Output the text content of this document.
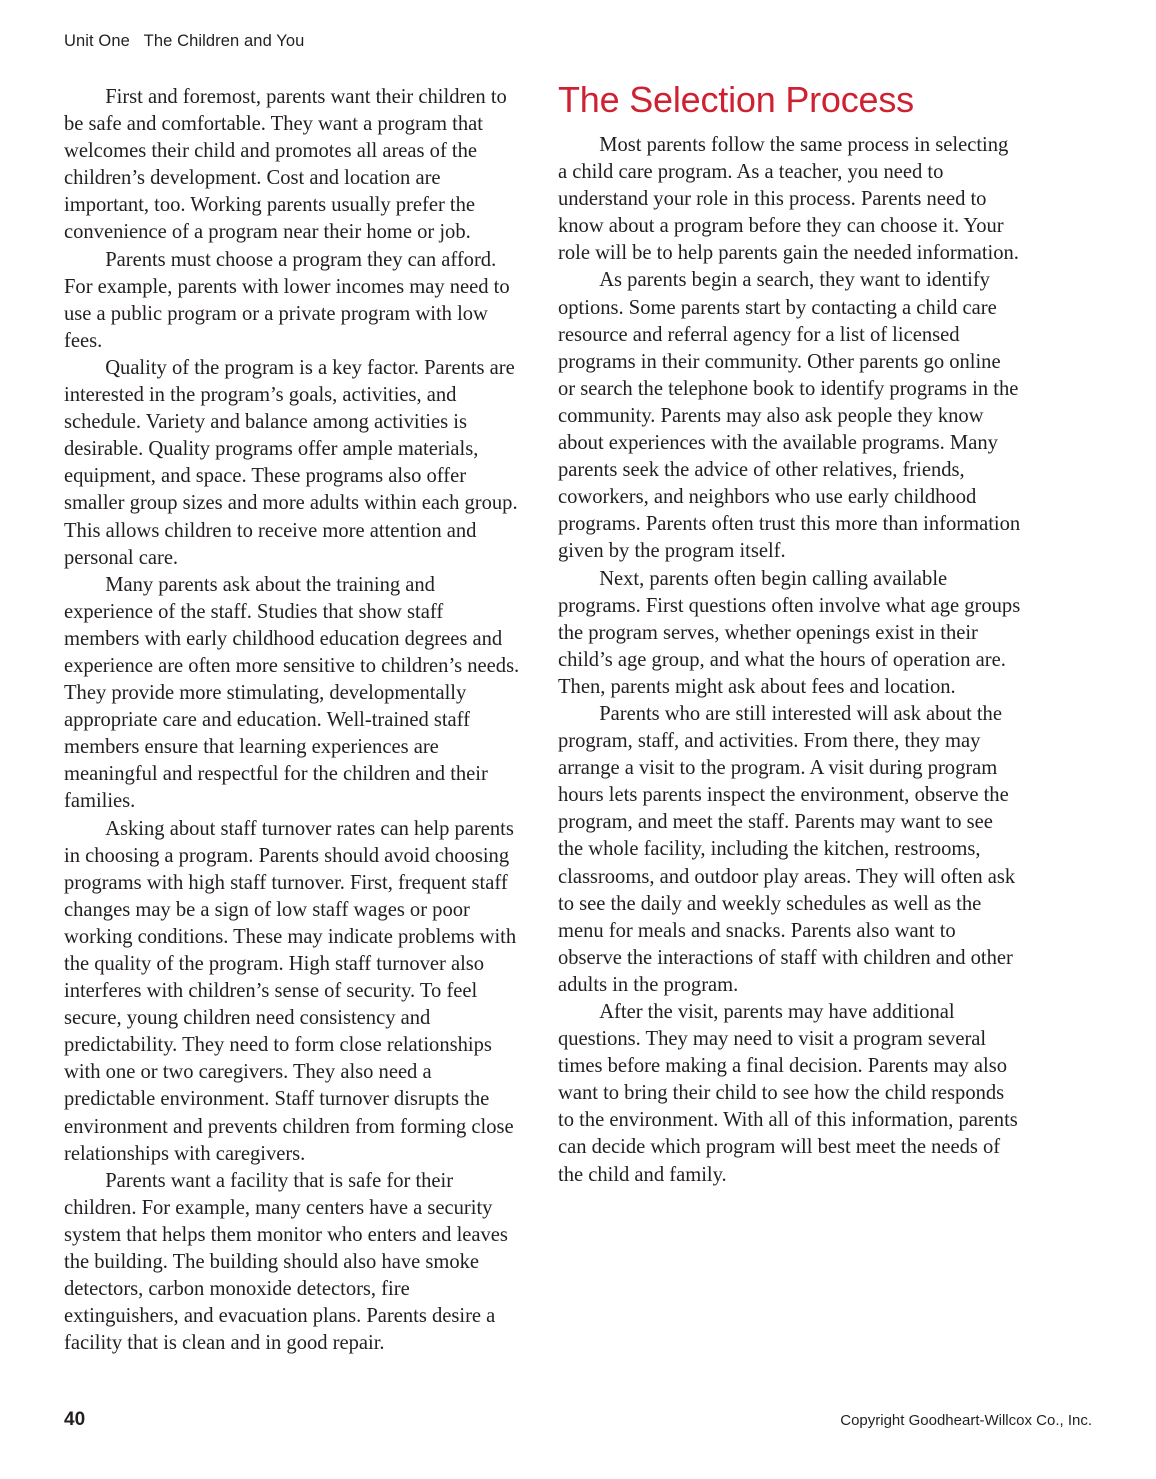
Unit One   The Children and You

First and foremost, parents want their children to be safe and comfortable. They want a program that welcomes their child and promotes all areas of the children’s development. Cost and location are important, too. Working parents usually prefer the convenience of a program near their home or job.

Parents must choose a program they can afford. For example, parents with lower incomes may need to use a public program or a private program with low fees.

Quality of the program is a key factor. Parents are interested in the program’s goals, activities, and schedule. Variety and balance among activities is desirable. Quality programs offer ample materials, equipment, and space. These programs also offer smaller group sizes and more adults within each group. This allows children to receive more attention and personal care.

Many parents ask about the training and experience of the staff. Studies that show staff members with early childhood education degrees and experience are often more sensitive to children’s needs. They provide more stimulating, developmentally appropriate care and education. Well-trained staff members ensure that learning experiences are meaningful and respectful for the children and their families.

Asking about staff turnover rates can help parents in choosing a program. Parents should avoid choosing programs with high staff turnover. First, frequent staff changes may be a sign of low staff wages or poor working conditions. These may indicate problems with the quality of the program. High staff turnover also interferes with children’s sense of security. To feel secure, young children need consistency and predictability. They need to form close relationships with one or two caregivers. They also need a predictable environment. Staff turnover disrupts the environment and prevents children from forming close relationships with caregivers.

Parents want a facility that is safe for their children. For example, many centers have a security system that helps them monitor who enters and leaves the building. The building should also have smoke detectors, carbon monoxide detectors, fire extinguishers, and evacuation plans. Parents desire a facility that is clean and in good repair.

The Selection Process

Most parents follow the same process in selecting a child care program. As a teacher, you need to understand your role in this process. Parents need to know about a program before they can choose it. Your role will be to help parents gain the needed information.

As parents begin a search, they want to identify options. Some parents start by contacting a child care resource and referral agency for a list of licensed programs in their community. Other parents go online or search the telephone book to identify programs in the community. Parents may also ask people they know about experiences with the available programs. Many parents seek the advice of other relatives, friends, coworkers, and neighbors who use early childhood programs. Parents often trust this more than information given by the program itself.

Next, parents often begin calling available programs. First questions often involve what age groups the program serves, whether openings exist in their child’s age group, and what the hours of operation are. Then, parents might ask about fees and location.

Parents who are still interested will ask about the program, staff, and activities. From there, they may arrange a visit to the program. A visit during program hours lets parents inspect the environment, observe the program, and meet the staff. Parents may want to see the whole facility, including the kitchen, restrooms, classrooms, and outdoor play areas. They will often ask to see the daily and weekly schedules as well as the menu for meals and snacks. Parents also want to observe the interactions of staff with children and other adults in the program.

After the visit, parents may have additional questions. They may need to visit a program several times before making a final decision. Parents may also want to bring their child to see how the child responds to the environment. With all of this information, parents can decide which program will best meet the needs of the child and family.

40	Copyright Goodheart-Willcox Co., Inc.
